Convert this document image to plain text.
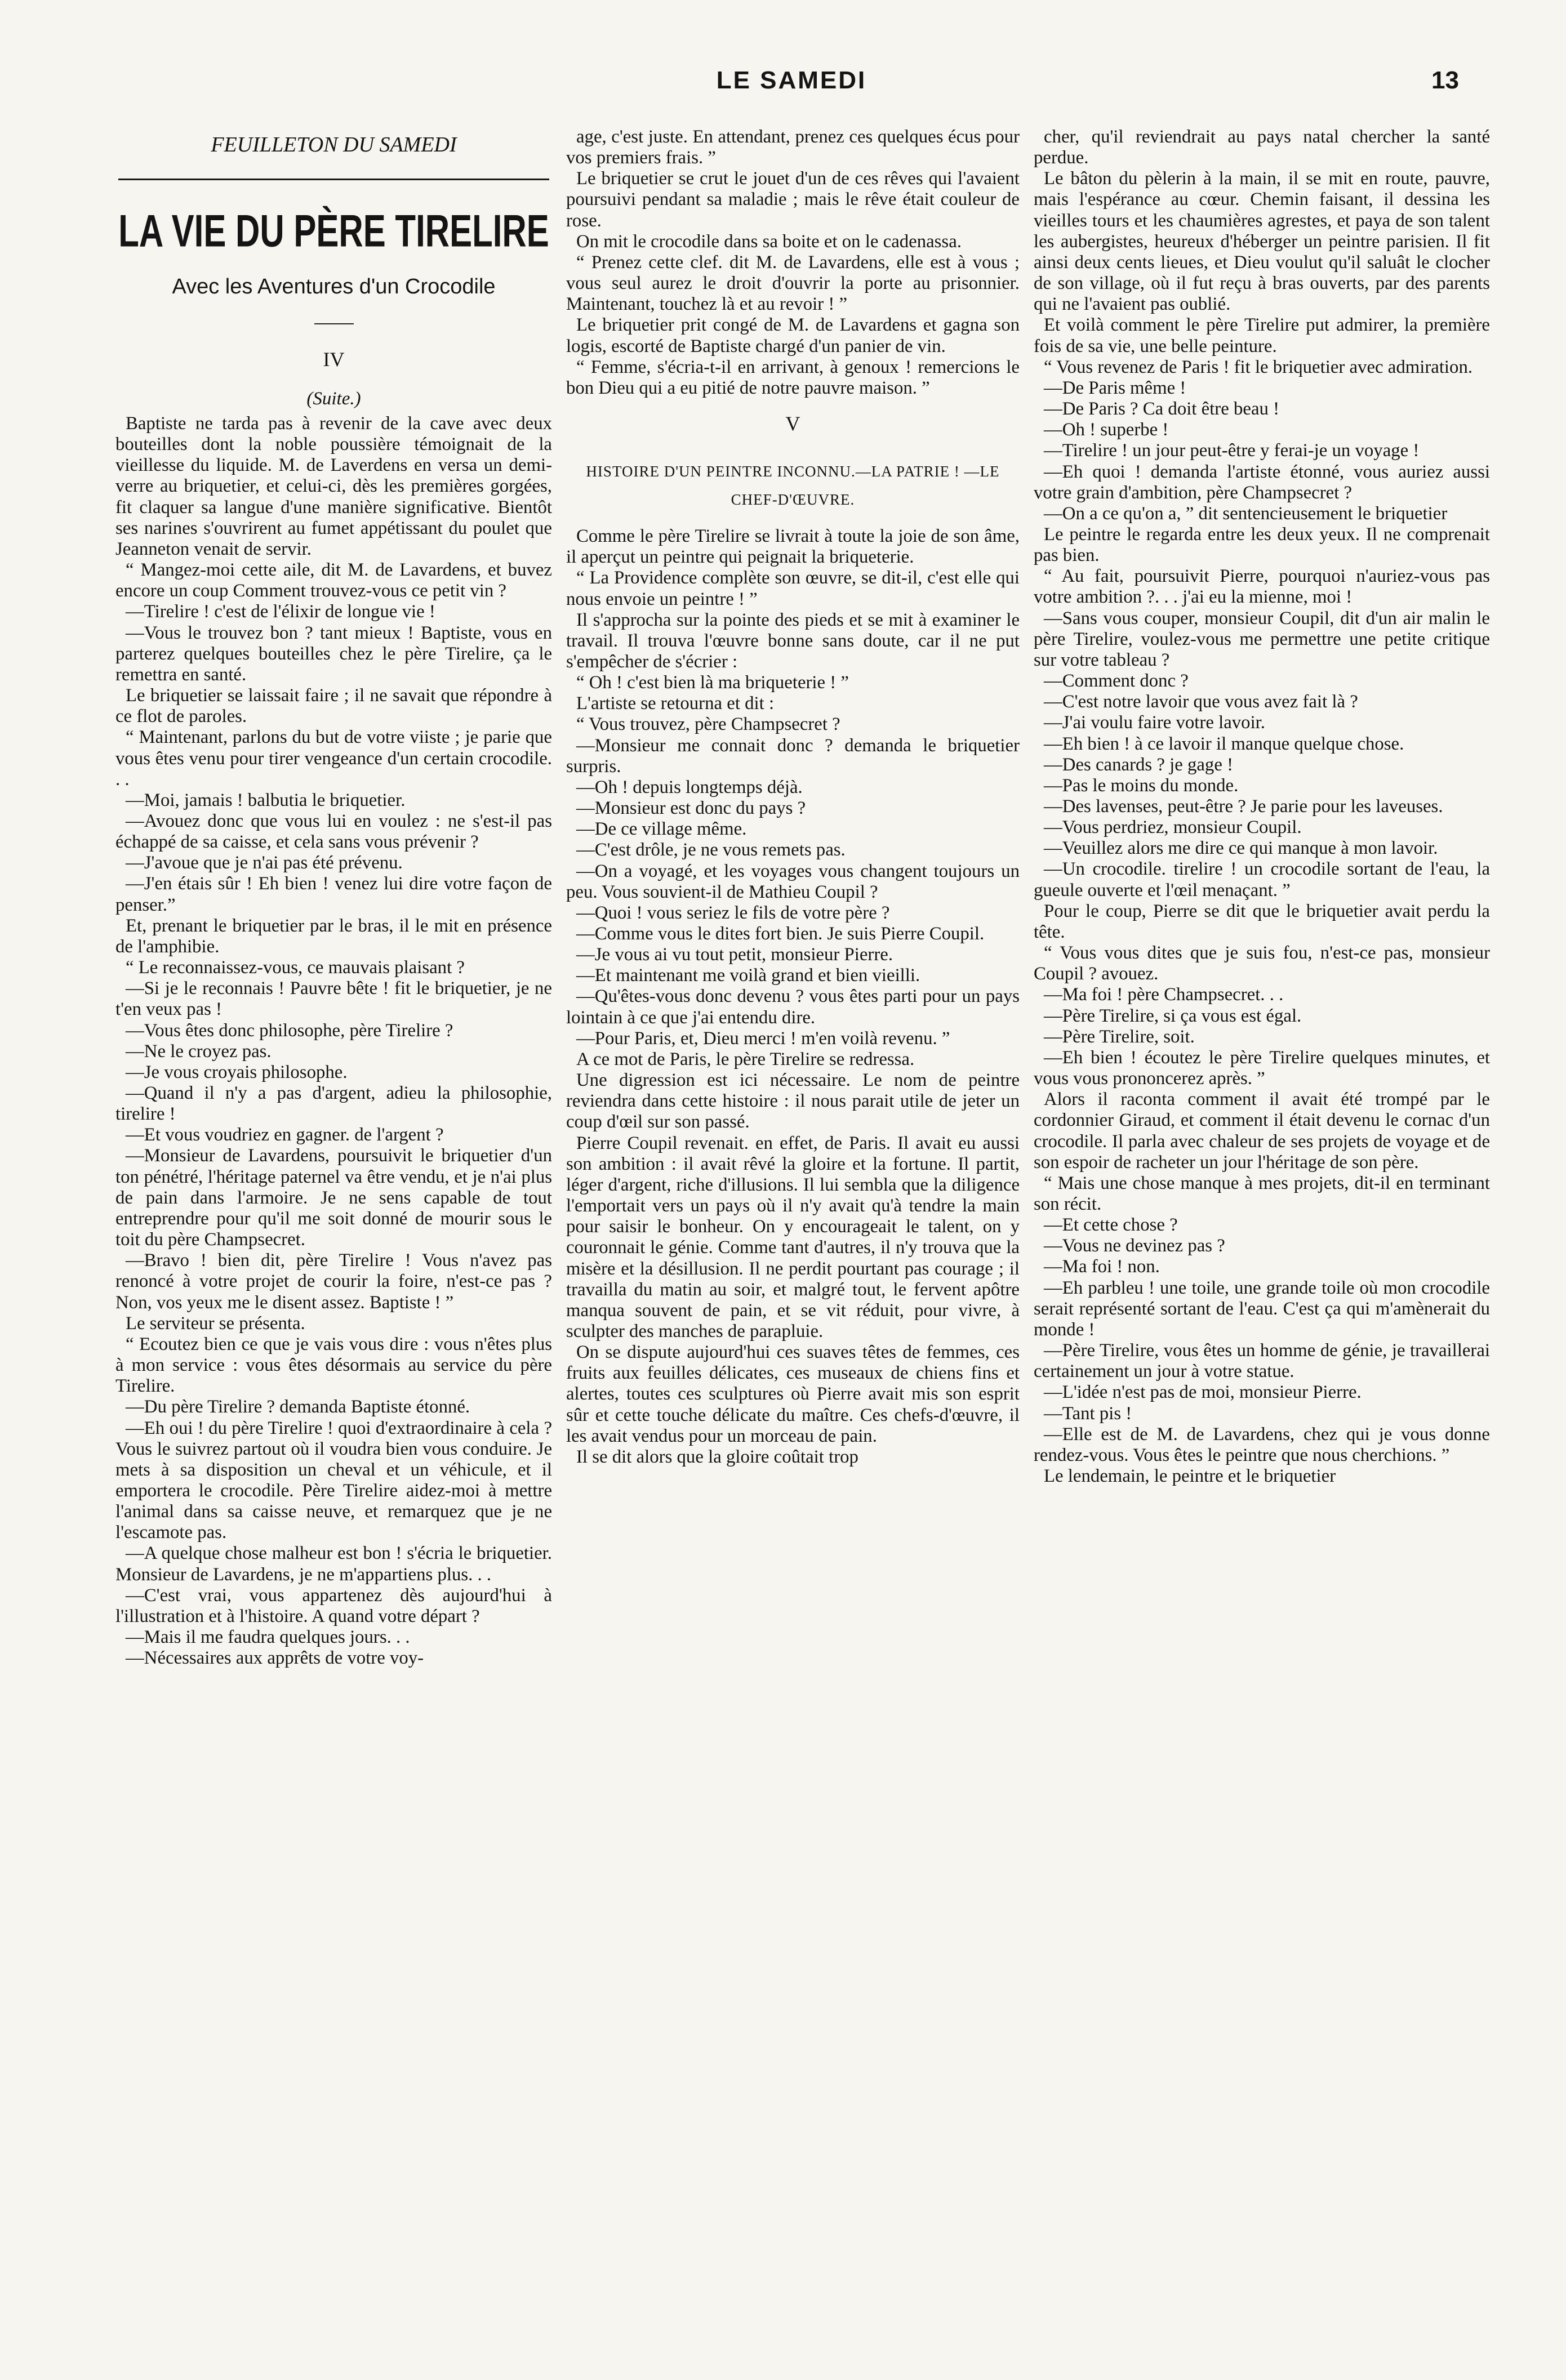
LE SAMEDI	13
FEUILLETON DU SAMEDI
LA VIE DU PÈRE TIRELIRE
Avec les Aventures d'un Crocodile
IV
(Suite.)

Baptiste ne tarda pas à revenir de la cave avec deux bouteilles dont la noble poussière témoignait de la vieillesse du liquide. M. de Laverdens en versa un demi-verre au briquetier, et celui-ci, dès les premières gorgées, fit claquer sa langue d'une manière significative. Bientôt ses narines s'ouvrirent au fumet appétissant du poulet que Jeanneton venait de servir.

“ Mangez-moi cette aile, dit M. de Lavardens, et buvez encore un coup Comment trouvez-vous ce petit vin ?

—Tirelire ! c'est de l'élixir de longue vie !

—Vous le trouvez bon ? tant mieux ! Baptiste, vous en parterez quelques bouteilles chez le père Tirelire, ça le remettra en santé.

Le briquetier se laissait faire ; il ne savait que répondre à ce flot de paroles.

“ Maintenant, parlons du but de votre viiste ; je parie que vous êtes venu pour tirer vengeance d'un certain crocodile. . .

—Moi, jamais ! balbutia le briquetier.

—Avouez donc que vous lui en voulez : ne s'est-il pas échappé de sa caisse, et cela sans vous prévenir ?

—J'avoue que je n'ai pas été prévenu.

—J'en étais sûr ! Eh bien ! venez lui dire votre façon de penser.”

Et, prenant le briquetier par le bras, il le mit en présence de l'amphibie.

“ Le reconnaissez-vous, ce mauvais plaisant ?

—Si je le reconnais ! Pauvre bête ! fit le briquetier, je ne t'en veux pas !

—Vous êtes donc philosophe, père Tirelire ?

—Ne le croyez pas.

—Je vous croyais philosophe.

—Quand il n'y a pas d'argent, adieu la philosophie, tirelire !

—Et vous voudriez en gagner. de l'argent ?

—Monsieur de Lavardens, poursuivit le briquetier d'un ton pénétré, l'héritage paternel va être vendu, et je n'ai plus de pain dans l'armoire. Je ne sens capable de tout entreprendre pour qu'il me soit donné de mourir sous le toit du père Champsecret.

—Bravo ! bien dit, père Tirelire ! Vous n'avez pas renoncé à votre projet de courir la foire, n'est-ce pas ? Non, vos yeux me le disent assez. Baptiste ! ”

Le serviteur se présenta.

“ Ecoutez bien ce que je vais vous dire : vous n'êtes plus à mon service : vous êtes désormais au service du père Tirelire.

—Du père Tirelire ? demanda Baptiste étonné.

—Eh oui ! du père Tirelire ! quoi d'extraordinaire à cela ? Vous le suivrez partout où il voudra bien vous conduire. Je mets à sa disposition un cheval et un véhicule, et il emportera le crocodile. Père Tirelire aidez-moi à mettre l'animal dans sa caisse neuve, et remarquez que je ne l'escamote pas.

—A quelque chose malheur est bon ! s'écria le briquetier. Monsieur de Lavardens, je ne m'appartiens plus. . .

—C'est vrai, vous appartenez dès aujourd'hui à l'illustration et à l'histoire. A quand votre départ ?

—Mais il me faudra quelques jours. . .

—Nécessaires aux apprêts de votre voy-

age, c'est juste. En attendant, prenez ces quelques écus pour vos premiers frais. ”

Le briquetier se crut le jouet d'un de ces rêves qui l'avaient poursuivi pendant sa maladie ; mais le rêve était couleur de rose.

On mit le crocodile dans sa boite et on le cadenassa.

“ Prenez cette clef. dit M. de Lavardens, elle est à vous ; vous seul aurez le droit d'ouvrir la porte au prisonnier. Maintenant, touchez là et au revoir ! ”

Le briquetier prit congé de M. de Lavardens et gagna son logis, escorté de Baptiste chargé d'un panier de vin.

“ Femme, s'écria-t-il en arrivant, à genoux ! remercions le bon Dieu qui a eu pitié de notre pauvre maison. ”

V
HISTOIRE D'UN PEINTRE INCONNU.—LA PATRIE ! —LE CHEF-D'ŒUVRE.

Comme le père Tirelire se livrait à toute la joie de son âme, il aperçut un peintre qui peignait la briqueterie.

“ La Providence complète son œuvre, se dit-il, c'est elle qui nous envoie un peintre ! ”

Il s'approcha sur la pointe des pieds et se mit à examiner le travail. Il trouva l'œuvre bonne sans doute, car il ne put s'empêcher de s'écrier :

“ Oh ! c'est bien là ma briqueterie ! ”

L'artiste se retourna et dit :

“ Vous trouvez, père Champsecret ?

—Monsieur me connait donc ? demanda le briquetier surpris.

—Oh ! depuis longtemps déjà.

—Monsieur est donc du pays ?

—De ce village même.

—C'est drôle, je ne vous remets pas.

—On a voyagé, et les voyages vous changent toujours un peu. Vous souvient-il de Mathieu Coupil ?

—Quoi ! vous seriez le fils de votre père ?

—Comme vous le dites fort bien. Je suis Pierre Coupil.

—Je vous ai vu tout petit, monsieur Pierre.

—Et maintenant me voilà grand et bien vieilli.

—Qu'êtes-vous donc devenu ? vous êtes parti pour un pays lointain à ce que j'ai entendu dire.

—Pour Paris, et, Dieu merci ! m'en voilà revenu. ”

A ce mot de Paris, le père Tirelire se redressa.

Une digression est ici nécessaire. Le nom de peintre reviendra dans cette histoire : il nous parait utile de jeter un coup d'œil sur son passé.

Pierre Coupil revenait. en effet, de Paris. Il avait eu aussi son ambition : il avait rêvé la gloire et la fortune. Il partit, léger d'argent, riche d'illusions. Il lui sembla que la diligence l'emportait vers un pays où il n'y avait qu'à tendre la main pour saisir le bonheur. On y encourageait le talent, on y couronnait le génie. Comme tant d'autres, il n'y trouva que la misère et la désillusion. Il ne perdit pourtant pas courage ; il travailla du matin au soir, et malgré tout, le fervent apôtre manqua souvent de pain, et se vit réduit, pour vivre, à sculpter des manches de parapluie.

On se dispute aujourd'hui ces suaves têtes de femmes, ces fruits aux feuilles délicates, ces museaux de chiens fins et alertes, toutes ces sculptures où Pierre avait mis son esprit sûr et cette touche délicate du maître. Ces chefs-d'œuvre, il les avait vendus pour un morceau de pain.

Il se dit alors que la gloire coûtait trop

cher, qu'il reviendrait au pays natal chercher la santé perdue.

Le bâton du pèlerin à la main, il se mit en route, pauvre, mais l'espérance au cœur. Chemin faisant, il dessina les vieilles tours et les chaumières agrestes, et paya de son talent les aubergistes, heureux d'héberger un peintre parisien. Il fit ainsi deux cents lieues, et Dieu voulut qu'il saluât le clocher de son village, où il fut reçu à bras ouverts, par des parents qui ne l'avaient pas oublié.

Et voilà comment le père Tirelire put admirer, la première fois de sa vie, une belle peinture.

“ Vous revenez de Paris ! fit le briquetier avec admiration.

—De Paris même !

—De Paris ? Ca doit être beau !

—Oh ! superbe !

—Tirelire ! un jour peut-être y ferai-je un voyage !

—Eh quoi ! demanda l'artiste étonné, vous auriez aussi votre grain d'ambition, père Champsecret ?

—On a ce qu'on a, ” dit sentencieusement le briquetier

Le peintre le regarda entre les deux yeux. Il ne comprenait pas bien.

“ Au fait, poursuivit Pierre, pourquoi n'auriez-vous pas votre ambition ?. . . j'ai eu la mienne, moi !

—Sans vous couper, monsieur Coupil, dit d'un air malin le père Tirelire, voulez-vous me permettre une petite critique sur votre tableau ?

—Comment donc ?

—C'est notre lavoir que vous avez fait là ?

—J'ai voulu faire votre lavoir.

—Eh bien ! à ce lavoir il manque quelque chose.

—Des canards ? je gage !

—Pas le moins du monde.

—Des lavenses, peut-être ? Je parie pour les laveuses.

—Vous perdriez, monsieur Coupil.

—Veuillez alors me dire ce qui manque à mon lavoir.

—Un crocodile. tirelire ! un crocodile sortant de l'eau, la gueule ouverte et l'œil menaçant. ”

Pour le coup, Pierre se dit que le briquetier avait perdu la tête.

“ Vous vous dites que je suis fou, n'est-ce pas, monsieur Coupil ? avouez.

—Ma foi ! père Champsecret. . .

—Père Tirelire, si ça vous est égal.

—Père Tirelire, soit.

—Eh bien ! écoutez le père Tirelire quelques minutes, et vous vous prononcerez après. ”

Alors il raconta comment il avait été trompé par le cordonnier Giraud, et comment il était devenu le cornac d'un crocodile. Il parla avec chaleur de ses projets de voyage et de son espoir de racheter un jour l'héritage de son père.

“ Mais une chose manque à mes projets, dit-il en terminant son récit.

—Et cette chose ?

—Vous ne devinez pas ?

—Ma foi ! non.

—Eh parbleu ! une toile, une grande toile où mon crocodile serait représenté sortant de l'eau. C'est ça qui m'amènerait du monde !

—Père Tirelire, vous êtes un homme de génie, je travaillerai certainement un jour à votre statue.

—L'idée n'est pas de moi, monsieur Pierre.

—Tant pis !

—Elle est de M. de Lavardens, chez qui je vous donne rendez-vous. Vous êtes le peintre que nous cherchions. ”

Le lendemain, le peintre et le briquetier
